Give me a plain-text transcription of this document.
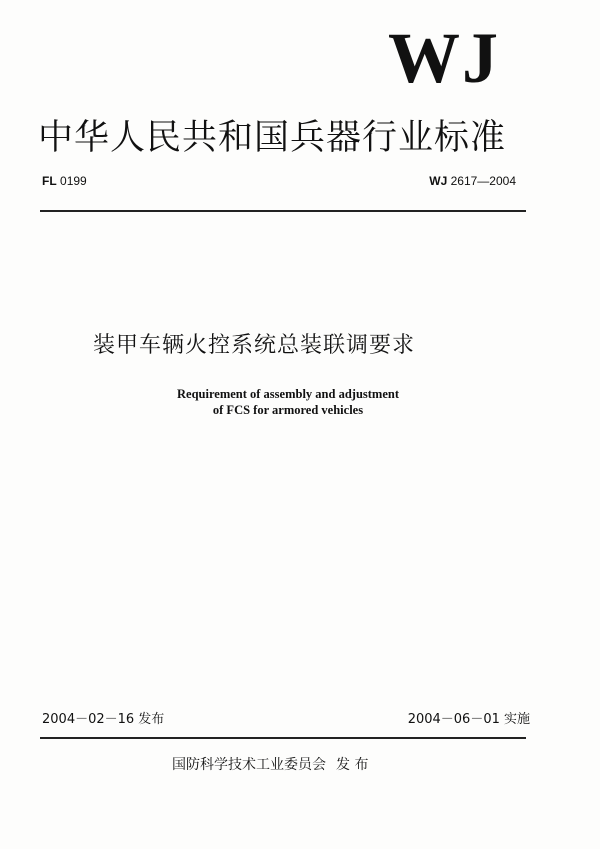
WJ
中华人民共和国兵器行业标准
FL 0199	WJ 2617—2004
装甲车辆火控系统总装联调要求
Requirement of assembly and adjustment
of FCS for armored vehicles
2004－02－16 发布	2004－06－01 实施
国防科学技术工业委员会 发 布
